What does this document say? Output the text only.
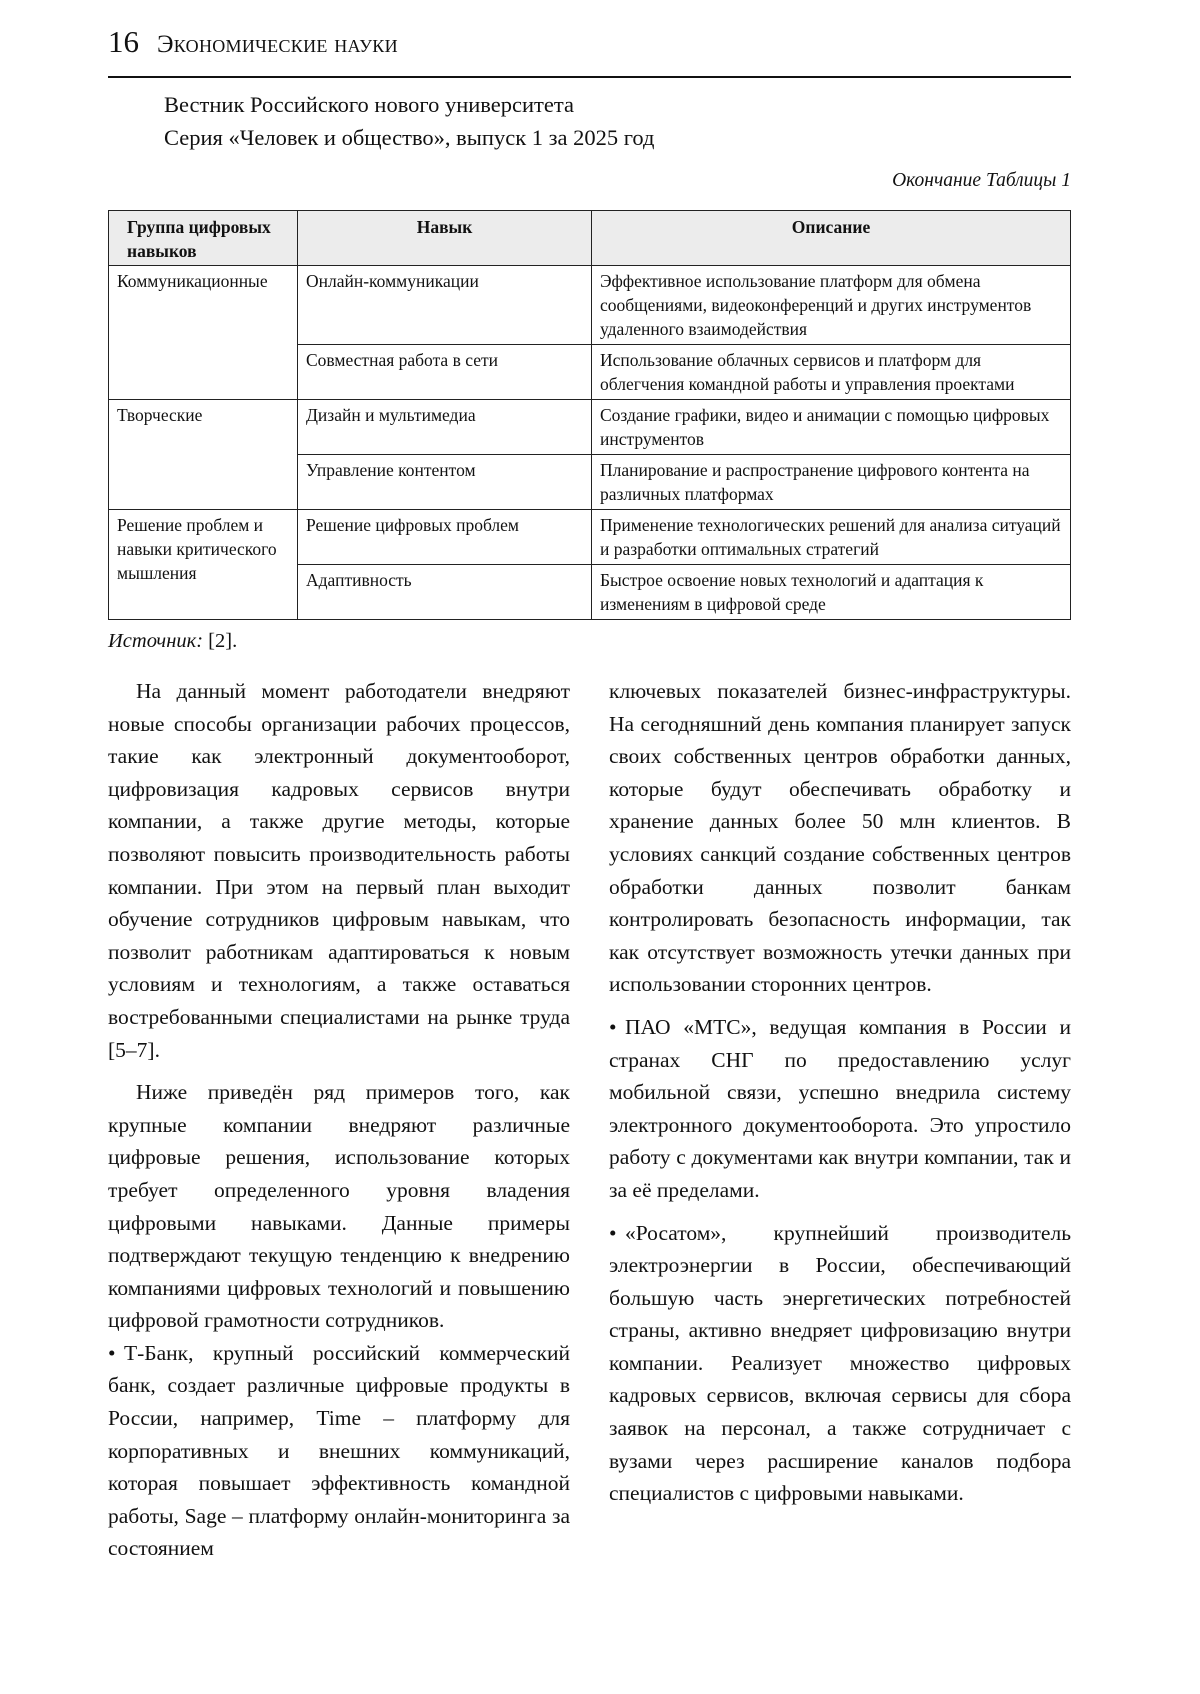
16 Экономические науки
Вестник Российского нового университета
Серия «Человек и общество», выпуск 1 за 2025 год
Окончание Таблицы 1
Группа цифровых навыков	Навык	Описание
Коммуникационные	Онлайн-коммуникации	Эффективное использование платформ для обмена сообщениями, видеоконференций и других инструментов удаленного взаимодействия
	Совместная работа в сети	Использование облачных сервисов и платформ для облегчения командной работы и управления проектами
Творческие	Дизайн и мультимедиа	Создание графики, видео и анимации с помощью цифровых инструментов
	Управление контентом	Планирование и распространение цифрового контента на различных платформах
Решение проблем и навыки критического мышления	Решение цифровых проблем	Применение технологических решений для анализа ситуаций и разработки оптимальных стратегий
	Адаптивность	Быстрое освоение новых технологий и адаптация к изменениям в цифровой среде
Источник: [2].

На данный момент работодатели внедряют новые способы организации рабочих процессов, такие как электронный документооборот, цифровизация кадровых сервисов внутри компании, а также другие методы, которые позволяют повысить производительность работы компании. При этом на первый план выходит обучение сотрудников цифровым навыкам, что позволит работникам адаптироваться к новым условиям и технологиям, а также оставаться востребованными специалистами на рынке труда [5–7].

Ниже приведён ряд примеров того, как крупные компании внедряют различные цифровые решения, использование которых требует определенного уровня владения цифровыми навыками. Данные примеры подтверждают текущую тенденцию к внедрению компаниями цифровых технологий и повышению цифровой грамотности сотрудников.

• Т-Банк, крупный российский коммерческий банк, создает различные цифровые продукты в России, например, Time – платформу для корпоративных и внешних коммуникаций, которая повышает эффективность командной работы, Sage – платформу онлайн-мониторинга за состоянием

ключевых показателей бизнес-инфраструктуры. На сегодняшний день компания планирует запуск своих собственных центров обработки данных, которые будут обеспечивать обработку и хранение данных более 50 млн клиентов. В условиях санкций создание собственных центров обработки данных позволит банкам контролировать безопасность информации, так как отсутствует возможность утечки данных при использовании сторонних центров.

• ПАО «МТС», ведущая компания в России и странах СНГ по предоставлению услуг мобильной связи, успешно внедрила систему электронного документооборота. Это упростило работу с документами как внутри компании, так и за её пределами.

• «Росатом», крупнейший производитель электроэнергии в России, обеспечивающий большую часть энергетических потребностей страны, активно внедряет цифровизацию внутри компании. Реализует множество цифровых кадровых сервисов, включая сервисы для сбора заявок на персонал, а также сотрудничает с вузами через расширение каналов подбора специалистов с цифровыми навыками.
